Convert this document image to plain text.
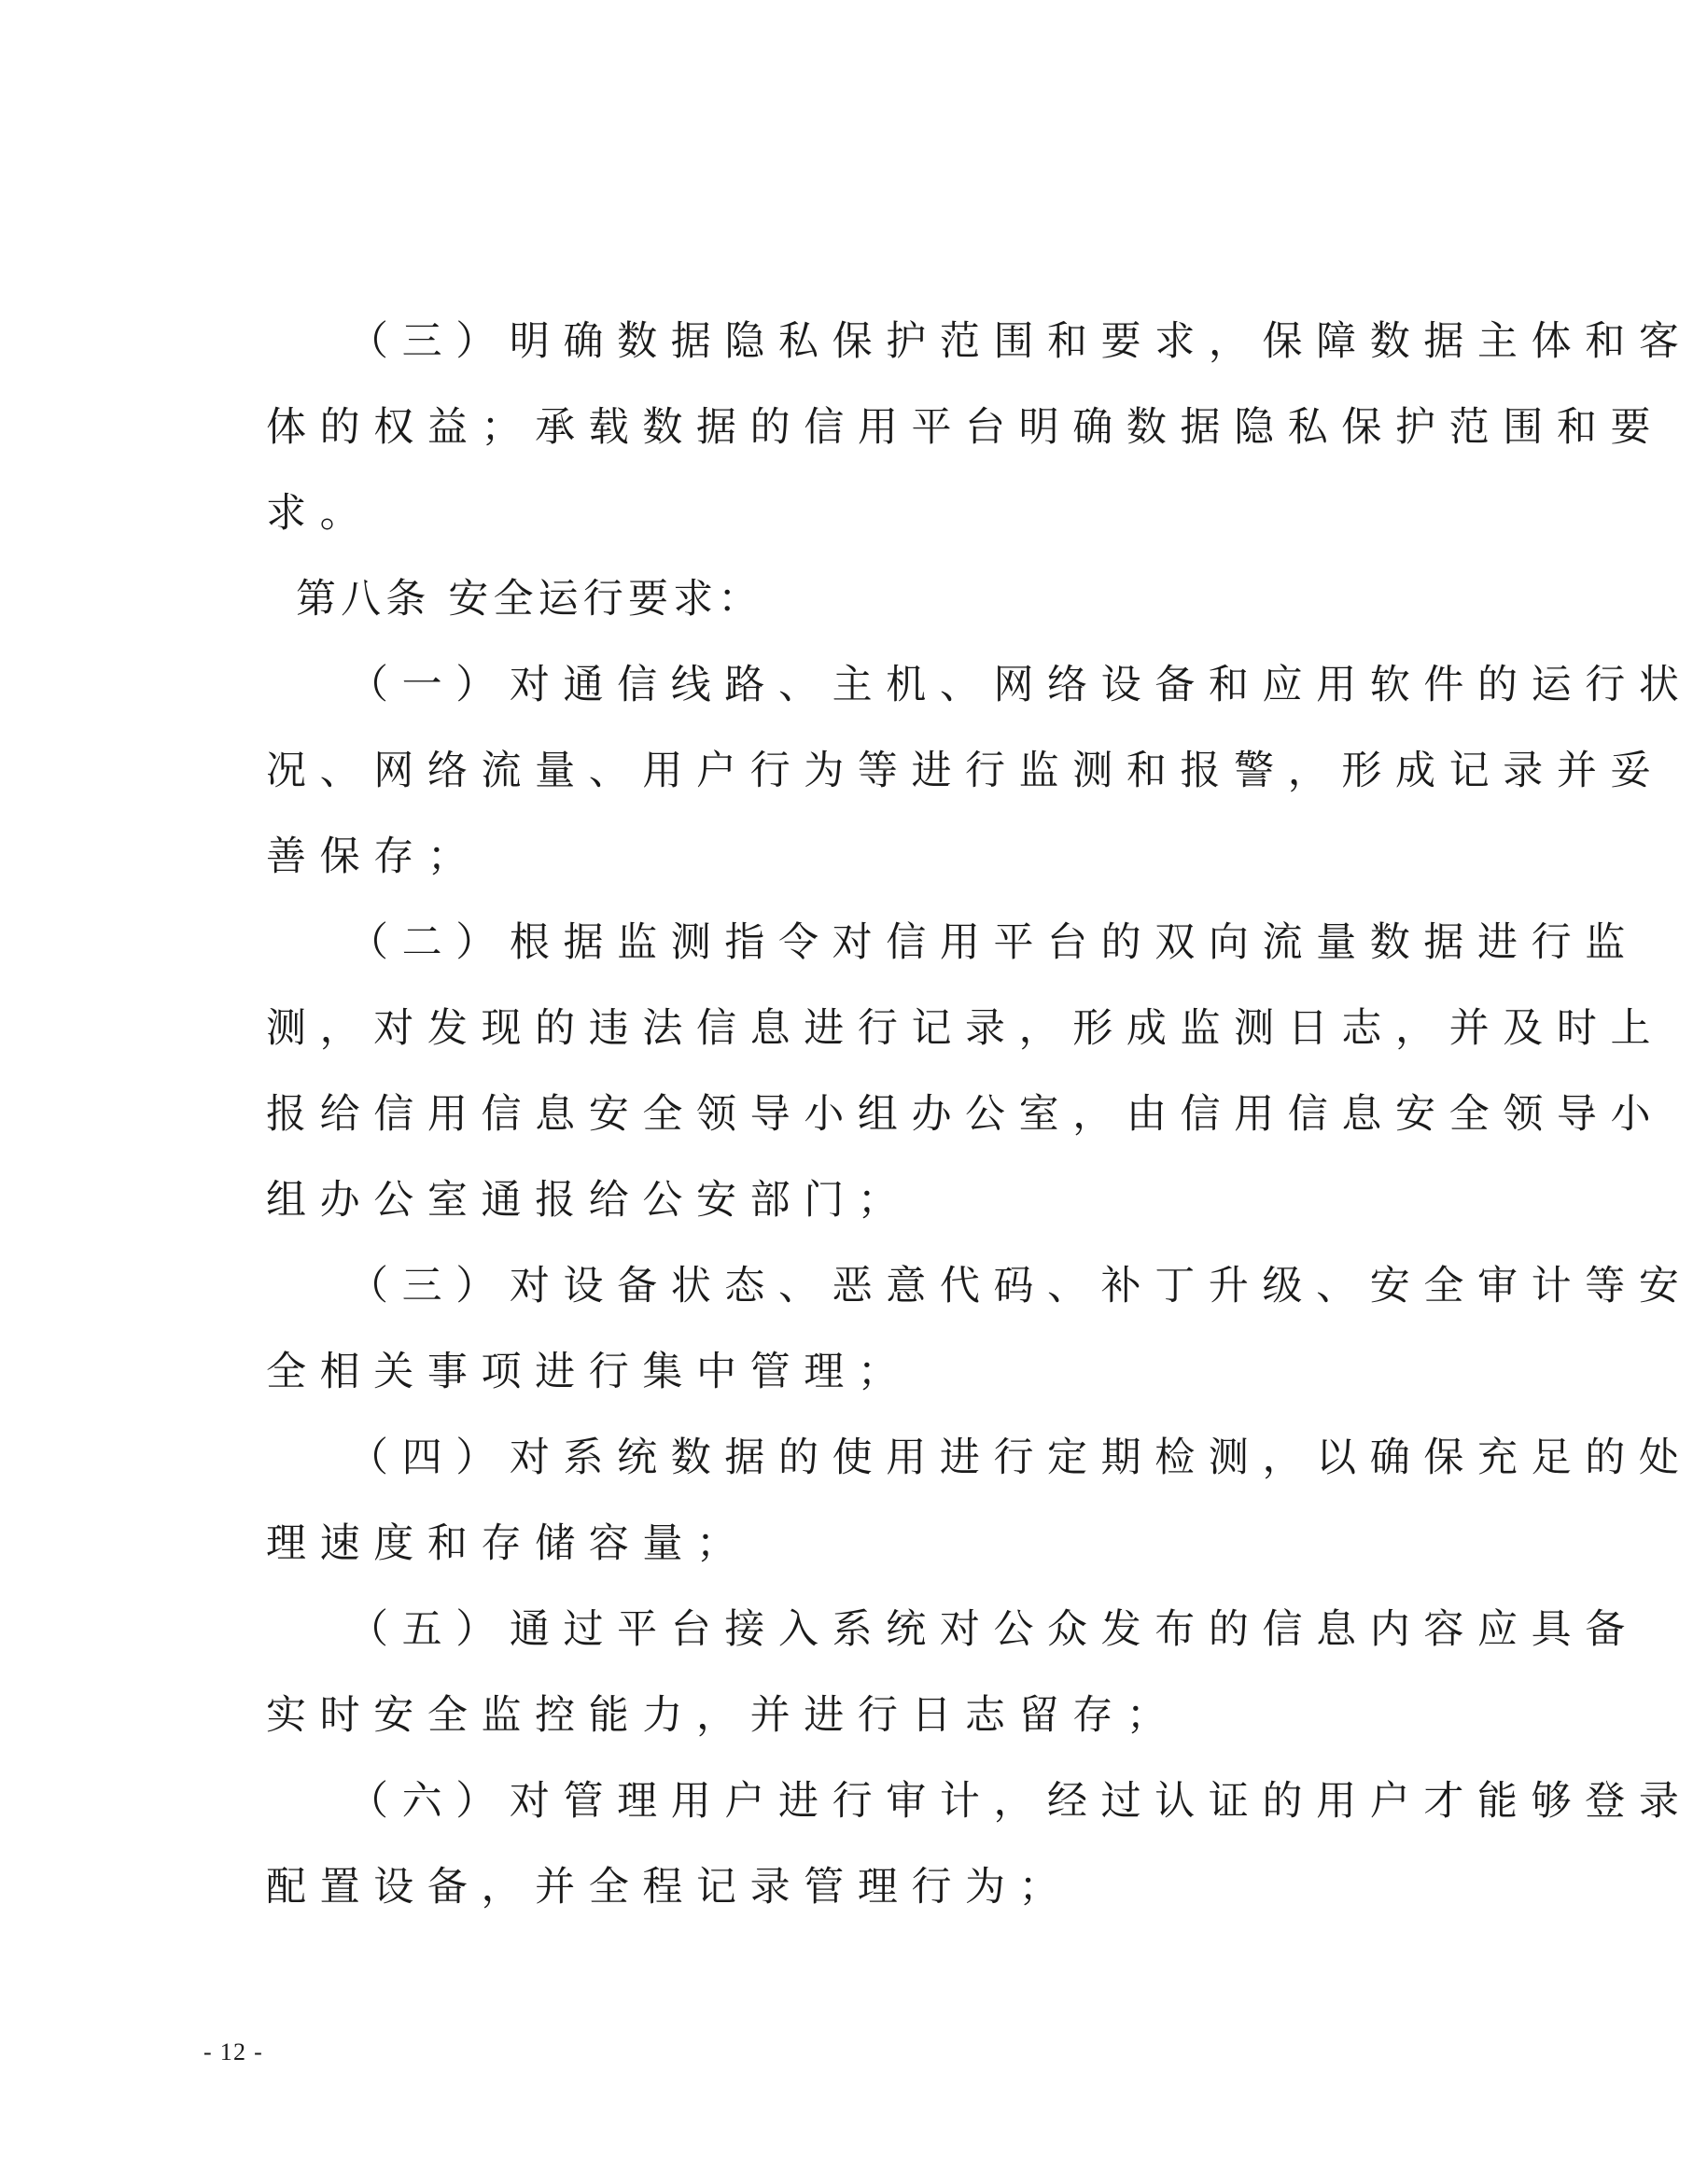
（三）明确数据隐私保护范围和要求，保障数据主体和客
体的权益；承载数据的信用平台明确数据隐私保护范围和要
求。
第八条 安全运行要求：
（一）对通信线路、主机、网络设备和应用软件的运行状
况、网络流量、用户行为等进行监测和报警，形成记录并妥
善保存；
（二）根据监测指令对信用平台的双向流量数据进行监
测，对发现的违法信息进行记录，形成监测日志，并及时上
报给信用信息安全领导小组办公室，由信用信息安全领导小
组办公室通报给公安部门；
（三）对设备状态、恶意代码、补丁升级、安全审计等安
全相关事项进行集中管理；
（四）对系统数据的使用进行定期检测，以确保充足的处
理速度和存储容量；
（五）通过平台接入系统对公众发布的信息内容应具备
实时安全监控能力，并进行日志留存；
（六）对管理用户进行审计，经过认证的用户才能够登录
配置设备，并全程记录管理行为；
- 12 -
